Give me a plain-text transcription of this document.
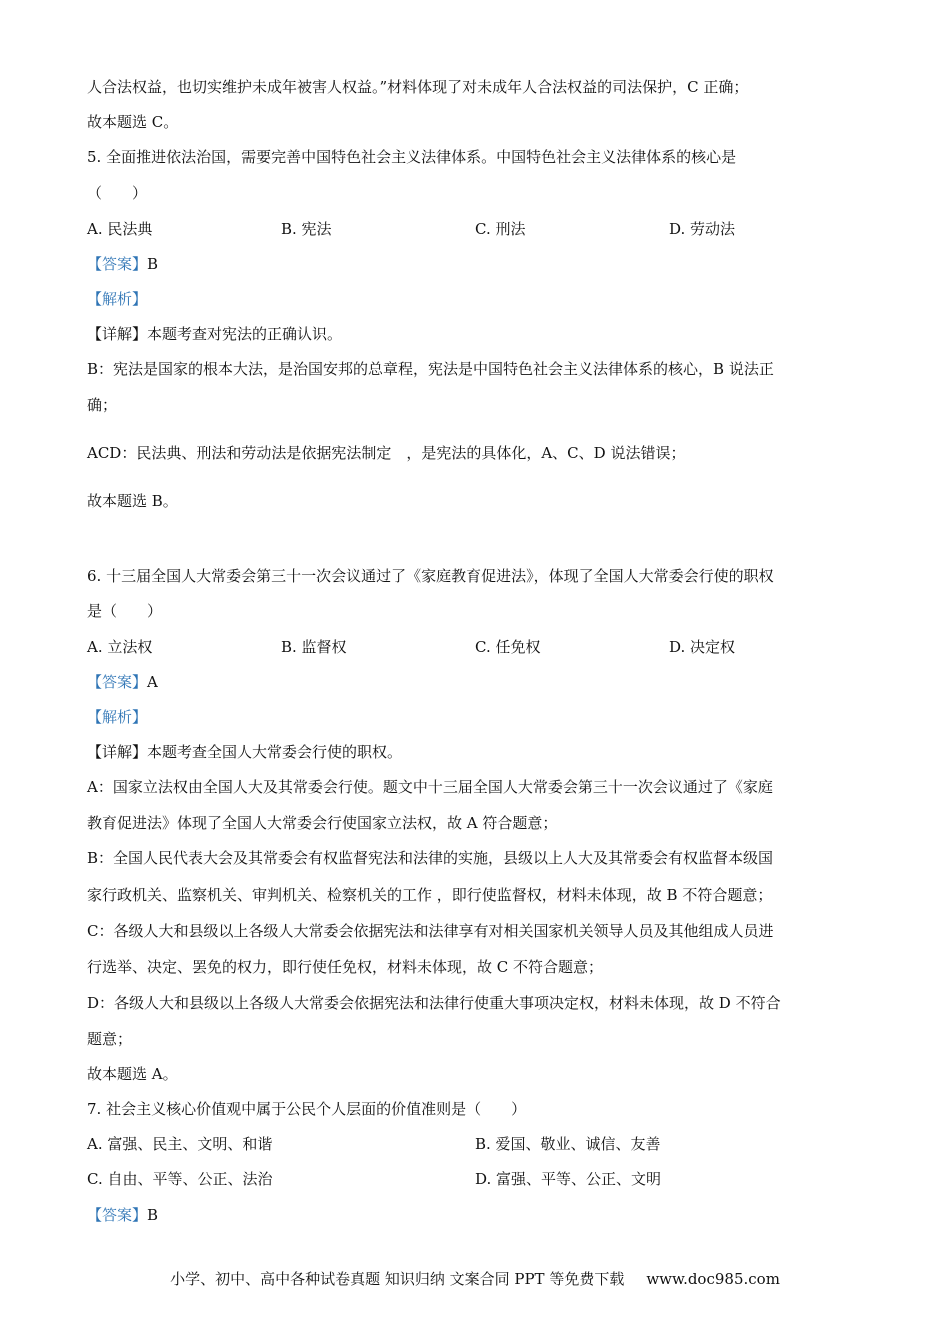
人合法权益，也切实维护未成年被害人权益。”材料体现了对未成年人合法权益的司法保护，C 正确；
故本题选 C。
5. 全面推进依法治国，需要完善中国特色社会主义法律体系。中国特色社会主义法律体系的核心是
（　　）
A. 民法典	B. 宪法	C. 刑法	D. 劳动法
【答案】B
【解析】
【详解】本题考查对宪法的正确认识。
B：宪法是国家的根本大法，是治国安邦的总章程，宪法是中国特色社会主义法律体系的核心，B 说法正
确；
ACD：民法典、刑法和劳动法是依据宪法制定　，是宪法的具体化，A、C、D 说法错误；
故本题选 B。
6. 十三届全国人大常委会第三十一次会议通过了《家庭教育促进法》，体现了全国人大常委会行使的职权
是（　　）
A. 立法权	B. 监督权	C. 任免权	D. 决定权
【答案】A
【解析】
【详解】本题考查全国人大常委会行使的职权。
A：国家立法权由全国人大及其常委会行使。题文中十三届全国人大常委会第三十一次会议通过了《家庭
教育促进法》体现了全国人大常委会行使国家立法权，故 A 符合题意；
B：全国人民代表大会及其常委会有权监督宪法和法律的实施，县级以上人大及其常委会有权监督本级国
家行政机关、监察机关、审判机关、检察机关的工作 ，即行使监督权，材料未体现，故 B 不符合题意；
C：各级人大和县级以上各级人大常委会依据宪法和法律享有对相关国家机关领导人员及其他组成人员进
行选举、决定、罢免的权力，即行使任免权，材料未体现，故 C 不符合题意；
D：各级人大和县级以上各级人大常委会依据宪法和法律行使重大事项决定权，材料未体现，故 D 不符合
题意；
故本题选 A。
7. 社会主义核心价值观中属于公民个人层面的价值准则是（　　）
A. 富强、民主、文明、和谐	B. 爱国、敬业、诚信、友善
C. 自由、平等、公正、法治	D. 富强、平等、公正、文明
【答案】B
小学、初中、高中各种试卷真题 知识归纳 文案合同 PPT 等免费下载 www.doc985.com
